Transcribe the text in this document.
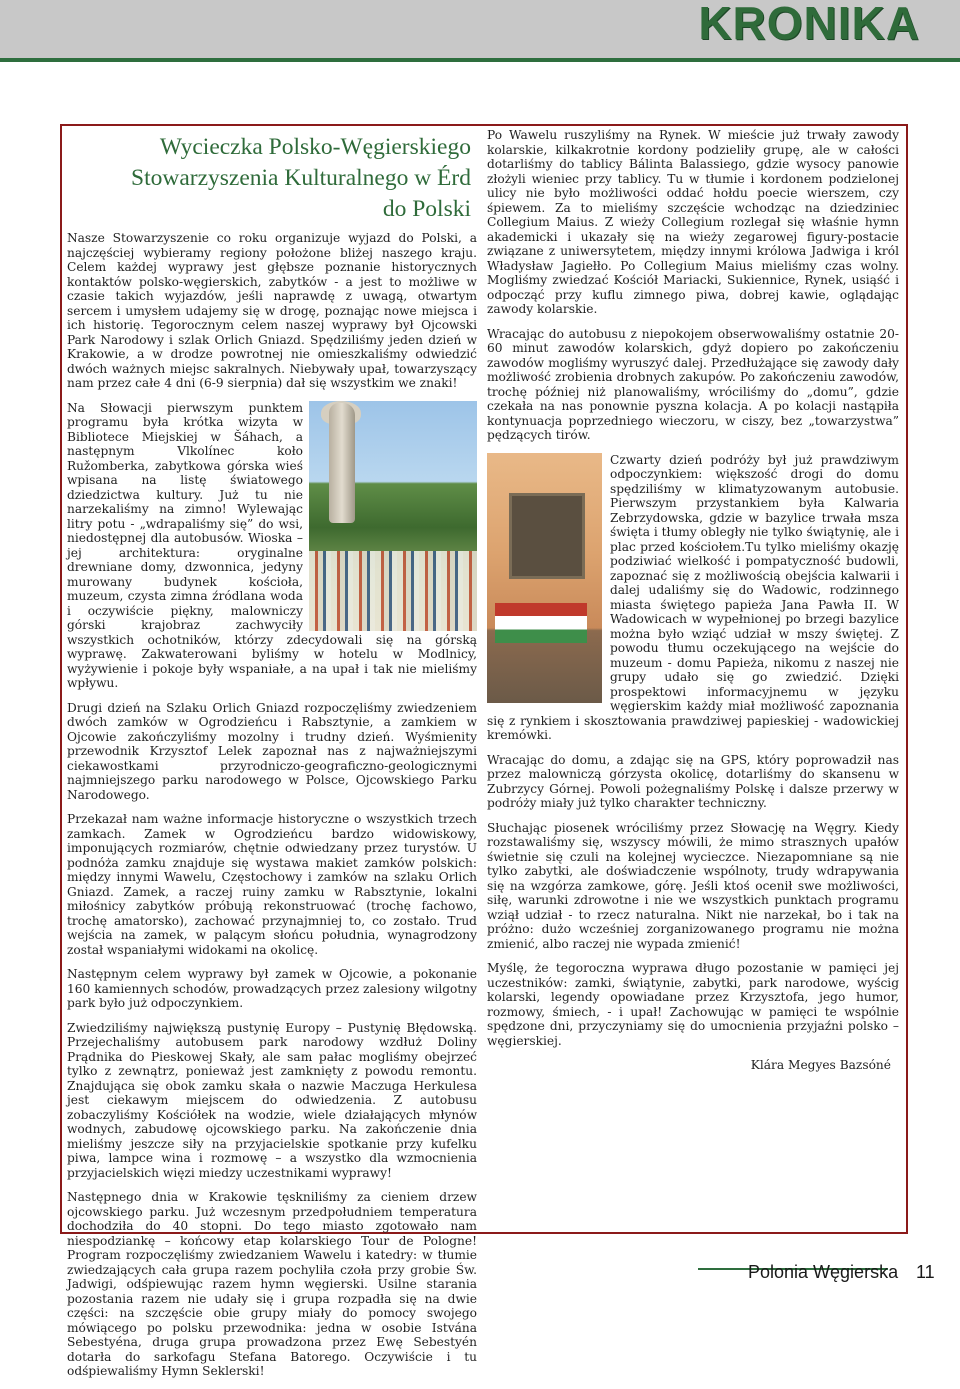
KRONIKA
Wycieczka Polsko-Węgierskiego
Stowarzyszenia Kulturalnego w Érd
do Polski

Nasze Stowarzyszenie co roku organizuje wyjazd do Polski, a najczęściej wybieramy regiony położone bliżej naszego kraju. Celem każdej wyprawy jest głębsze poznanie historycznych kontaktów polsko-węgierskich, zabytków - a jest to możliwe w czasie takich wyjazdów, jeśli naprawdę z uwagą, otwartym sercem i umysłem udajemy się w drogę, poznając nowe miejsca i ich historię. Tegorocznym celem naszej wyprawy był Ojcowski Park Narodowy i szlak Orlich Gniazd. Spędziliśmy jeden dzień w Krakowie, a w drodze powrotnej nie omieszkaliśmy odwiedzić dwóch ważnych miejsc sakralnych. Niebywały upał, towarzyszący nam przez całe 4 dni (6-9 sierpnia) dał się wszystkim we znaki!

Na Słowacji pierwszym punktem programu była krótka wizyta w Bibliotece Miejskiej w Šáhach, a następnym Vlkolínec koło Ružomberka, zabytkowa górska wieś wpisana na listę światowego dziedzictwa kultury. Już tu nie narzekaliśmy na zimno! Wylewając litry potu - „wdrapaliśmy się” do wsi, niedostępnej dla autobusów. Wioska – jej architektura: oryginalne drewniane domy, dzwonnica, jedyny murowany budynek kościoła, muzeum, czysta zimna źródlana woda i oczywiście piękny, malowniczy górski krajobraz zachwyciły wszystkich ochotników, którzy zdecydowali się na górską wyprawę. Zakwaterowani byliśmy w hotelu w Modlnicy, wyżywienie i pokoje były wspaniałe, a na upał i tak nie mieliśmy wpływu.

Drugi dzień na Szlaku Orlich Gniazd rozpoczęliśmy zwiedzeniem dwóch zamków w Ogrodzieńcu i Rabsztynie, a zamkiem w Ojcowie zakończyliśmy mozolny i trudny dzień. Wyśmienity przewodnik Krzysztof Lelek zapoznał nas z najważniejszymi ciekawostkami przyrodniczo-geograficzno-geologicznymi najmniejszego parku narodowego w Polsce, Ojcowskiego Parku Narodowego.

Przekazał nam ważne informacje historyczne o wszystkich trzech zamkach. Zamek w Ogrodzieńcu bardzo widowiskowy, imponujących rozmiarów, chętnie odwiedzany przez turystów. U podnóża zamku znajduje się wystawa makiet zamków polskich: między innymi Wawelu, Częstochowy i zamków na szlaku Orlich Gniazd. Zamek, a raczej ruiny zamku w Rabsztynie, lokalni miłośnicy zabytków próbują rekonstruować (trochę fachowo, trochę amatorsko), zachować przynajmniej to, co zostało. Trud wejścia na zamek, w palącym słońcu południa, wynagrodzony został wspaniałymi widokami na okolicę.

Następnym celem wyprawy był zamek w Ojcowie, a pokonanie 160 kamiennych schodów, prowadzących przez zalesiony wilgotny park było już odpoczynkiem.

Zwiedziliśmy największą pustynię Europy – Pustynię Błędowską. Przejechaliśmy autobusem park narodowy wzdłuż Doliny Prądnika do Pieskowej Skały, ale sam pałac mogliśmy obejrzeć tylko z zewnątrz, ponieważ jest zamknięty z powodu remontu. Znajdująca się obok zamku skała o nazwie Maczuga Herkulesa jest ciekawym miejscem do odwiedzenia. Z autobusu zobaczyliśmy Kościółek na wodzie, wiele działających młynów wodnych, zabudowę ojcowskiego parku. Na zakończenie dnia mieliśmy jeszcze siły na przyjacielskie spotkanie przy kufelku piwa, lampce wina i rozmowę – a wszystko dla wzmocnienia przyjacielskich więzi miedzy uczestnikami wyprawy!

Następnego dnia w Krakowie tęskniliśmy za cieniem drzew ojcowskiego parku. Już wczesnym przedpołudniem temperatura dochodziła do 40 stopni. Do tego miasto zgotowało nam niespodziankę – końcowy etap kolarskiego Tour de Pologne! Program rozpoczęliśmy zwiedzaniem Wawelu i katedry: w tłumie zwiedzających cała grupa razem pochyliła czoła przy grobie Św. Jadwigi, odśpiewując razem hymn węgierski. Usilne starania pozostania razem nie udały się i grupa rozpadła się na dwie części: na szczęście obie grupy miały do pomocy swojego mówiącego po polsku przewodnika: jedna w osobie Istvána Sebestyéna, druga grupa prowadzona przez Ewę Sebestyén dotarła do sarkofagu Stefana Batorego. Oczywiście i tu odśpiewaliśmy Hymn Seklerski!

Po Wawelu ruszyliśmy na Rynek. W mieście już trwały zawody kolarskie, kilkakrotnie kordony podzieliły grupę, ale w całości dotarliśmy do tablicy Bálinta Balassiego, gdzie wysocy panowie złożyli wieniec przy tablicy. Tu w tłumie i kordonem podzielonej ulicy nie było możliwości oddać hołdu poecie wierszem, czy śpiewem. Za to mieliśmy szczęście wchodząc na dziedziniec Collegium Maius. Z wieży Collegium rozlegał się właśnie hymn akademicki i ukazały się na wieży zegarowej figury-postacie związane z uniwersytetem, między innymi królowa Jadwiga i król Władysław Jagiełło. Po Collegium Maius mieliśmy czas wolny. Mogliśmy zwiedzać Kościół Mariacki, Sukiennice, Rynek, usiąść i odpocząć przy kuflu zimnego piwa, dobrej kawie, oglądając zawody kolarskie.

Wracając do autobusu z niepokojem obserwowaliśmy ostatnie 20-60 minut zawodów kolarskich, gdyż dopiero po zakończeniu zawodów mogliśmy wyruszyć dalej. Przedłużające się zawody dały możliwość zrobienia drobnych zakupów. Po zakończeniu zawodów, trochę później niż planowaliśmy, wróciliśmy do „domu”, gdzie czekała na nas ponownie pyszna kolacja. A po kolacji nastąpiła kontynuacja poprzedniego wieczoru, w ciszy, bez „towarzystwa” pędzących tirów.

Czwarty dzień podróży był już prawdziwym odpoczynkiem: większość drogi do domu spędziliśmy w klimatyzowanym autobusie. Pierwszym przystankiem była Kalwaria Zebrzydowska, gdzie w bazylice trwała msza święta i tłumy obległy nie tylko świątynię, ale i plac przed kościołem.Tu tylko mieliśmy okazję podziwiać wielkość i pompatyczność budowli, zapoznać się z możliwością obejścia kalwarii i dalej udaliśmy się do Wadowic, rodzinnego miasta świętego papieża Jana Pawła II. W Wadowicach w wypełnionej po brzegi bazylice można było wziąć udział w mszy świętej. Z powodu tłumu oczekującego na wejście do muzeum - domu Papieża, nikomu z naszej nie grupy udało się go zwiedzić. Dzięki prospektowi informacyjnemu w języku węgierskim każdy miał możliwość zapoznania się z rynkiem i skosztowania prawdziwej papieskiej - wadowickiej kremówki.

Wracając do domu, a zdając się na GPS, który poprowadził nas przez malowniczą górzysta okolicę, dotarliśmy do skansenu w Zubrzycy Górnej. Powoli pożegnaliśmy Polskę i dalsze przerwy w podróży miały już tylko charakter techniczny.

Słuchając piosenek wróciliśmy przez Słowację na Węgry. Kiedy rozstawaliśmy się, wszyscy mówili, że mimo strasznych upałów świetnie się czuli na kolejnej wycieczce. Niezapomniane są nie tylko zabytki, ale doświadczenie wspólnoty, trudy wdrapywania się na wzgórza zamkowe, górę. Jeśli ktoś ocenił swe możliwości, siłę, warunki zdrowotne i nie we wszystkich punktach programu wziął udział - to rzecz naturalna. Nikt nie narzekał, bo i tak na próżno: dużo wcześniej zorganizowanego programu nie można zmienić, albo raczej nie wypada zmienić!

Myślę, że tegoroczna wyprawa długo pozostanie w pamięci jej uczestników: zamki, świątynie, zabytki, park narodowe, wyścig kolarski, legendy opowiadane przez Krzysztofa, jego humor, rozmowy, śmiech, - i upał! Zachowując w pamięci te wspólnie spędzone dni, przyczyniamy się do umocnienia przyjaźni polsko – węgierskiej.

Klára Megyes Bazsóné

Polonia Węgierska 11
